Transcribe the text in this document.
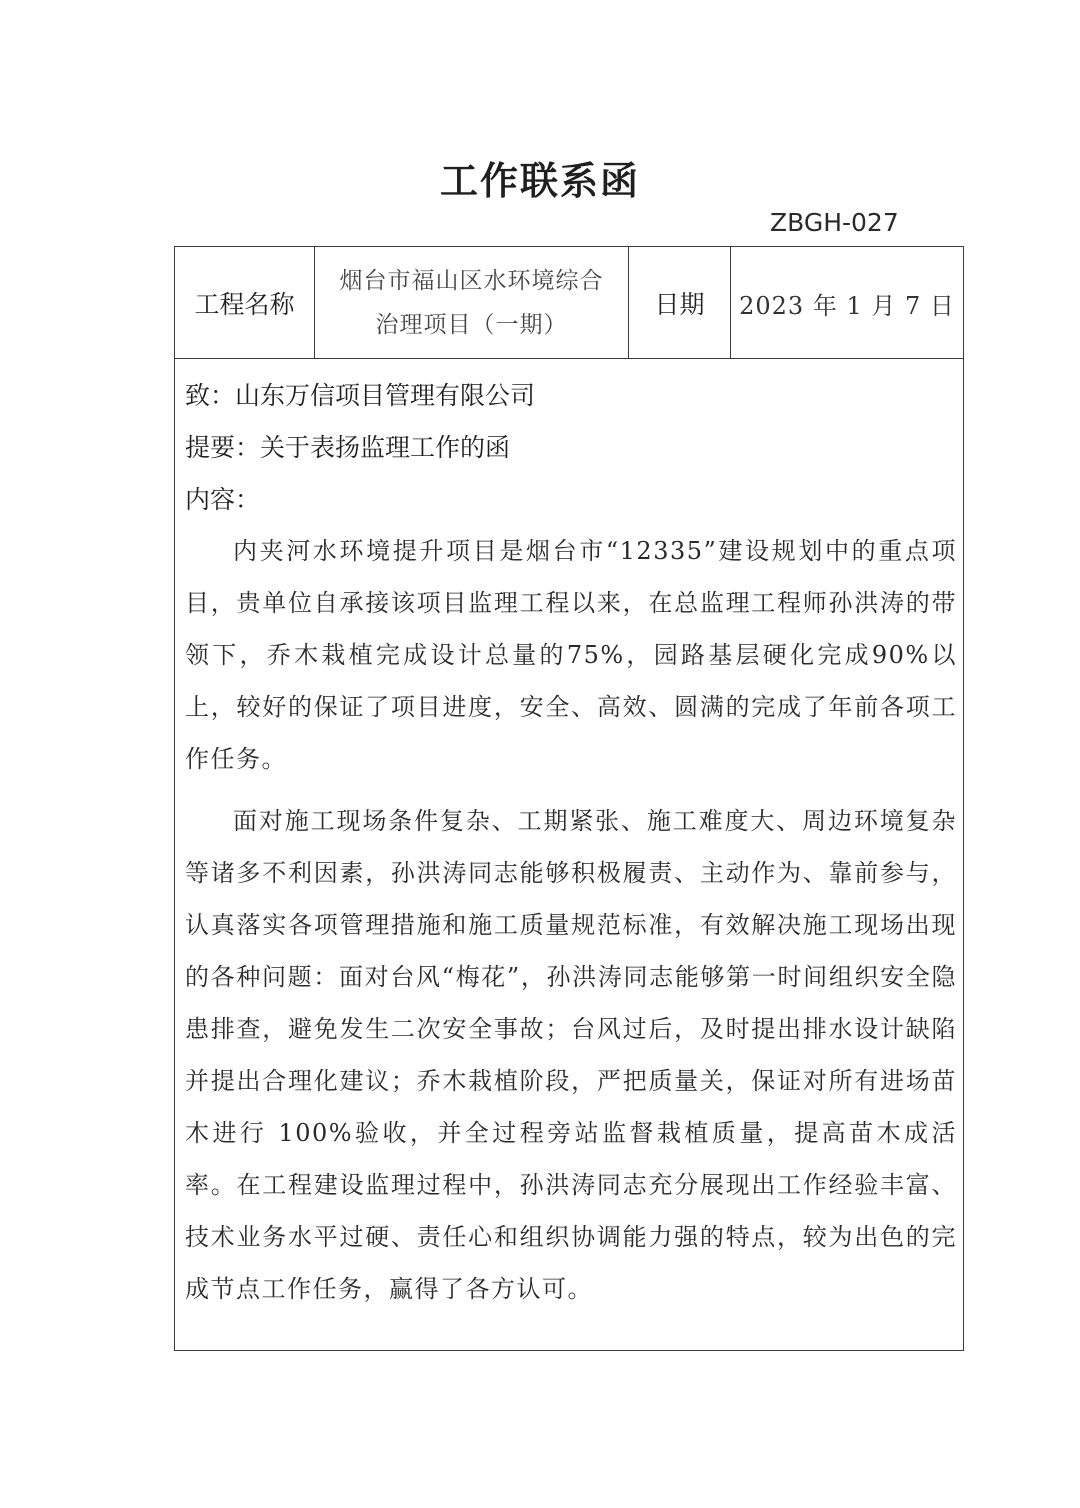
工作联系函
ZBGH-027
工程名称
烟台市福山区水环境综合治理项目（一期）
日期	2023 年 1 月 7 日
致：山东万信项目管理有限公司
提要：关于表扬监理工作的函
内容：

内夹河水环境提升项目是烟台市“12335”建设规划中的重点项目，贵单位自承接该项目监理工程以来，在总监理工程师孙洪涛的带领下，乔木栽植完成设计总量的75%，园路基层硬化完成90%以上，较好的保证了项目进度，安全、高效、圆满的完成了年前各项工作任务。

面对施工现场条件复杂、工期紧张、施工难度大、周边环境复杂等诸多不利因素，孙洪涛同志能够积极履责、主动作为、靠前参与，认真落实各项管理措施和施工质量规范标准，有效解决施工现场出现的各种问题：面对台风“梅花”，孙洪涛同志能够第一时间组织安全隐患排查，避免发生二次安全事故；台风过后，及时提出排水设计缺陷并提出合理化建议；乔木栽植阶段，严把质量关，保证对所有进场苗木进行 100%验收，并全过程旁站监督栽植质量，提高苗木成活率。在工程建设监理过程中，孙洪涛同志充分展现出工作经验丰富、技术业务水平过硬、责任心和组织协调能力强的特点，较为出色的完成节点工作任务，赢得了各方认可。
